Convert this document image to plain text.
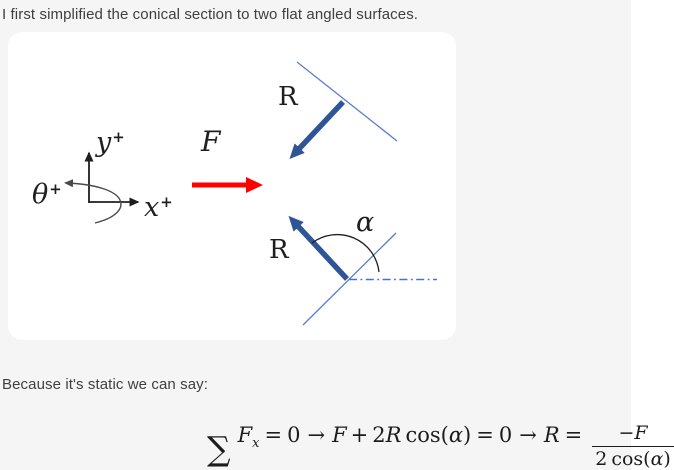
I first simplified the conical section to two flat angled surfaces.
y+
x+
θ+
F
R
R
α
Because it's static we can say:
∑ $F_x = 0 \to F + 2R$ $\cos(\alpha) = 0 \to R = \frac{-F}{2 \cos(\alpha)}$
